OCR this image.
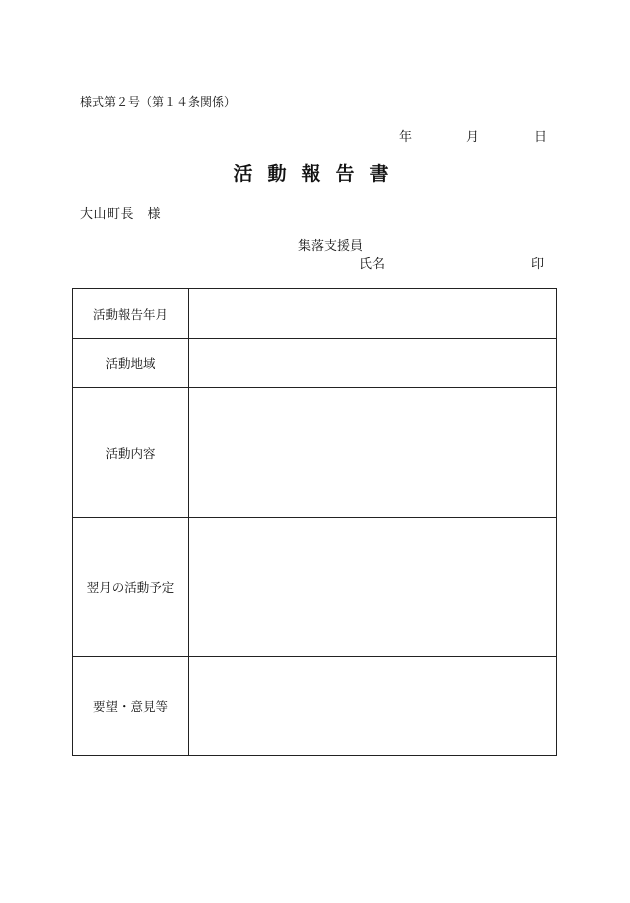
様式第２号（第１４条関係）
年	月	日
活動報告書
大山町長　様
集落支援員
氏名	印
活動報告年月	
活動地域	
活動内容	
翌月の活動予定	
要望・意見等	
